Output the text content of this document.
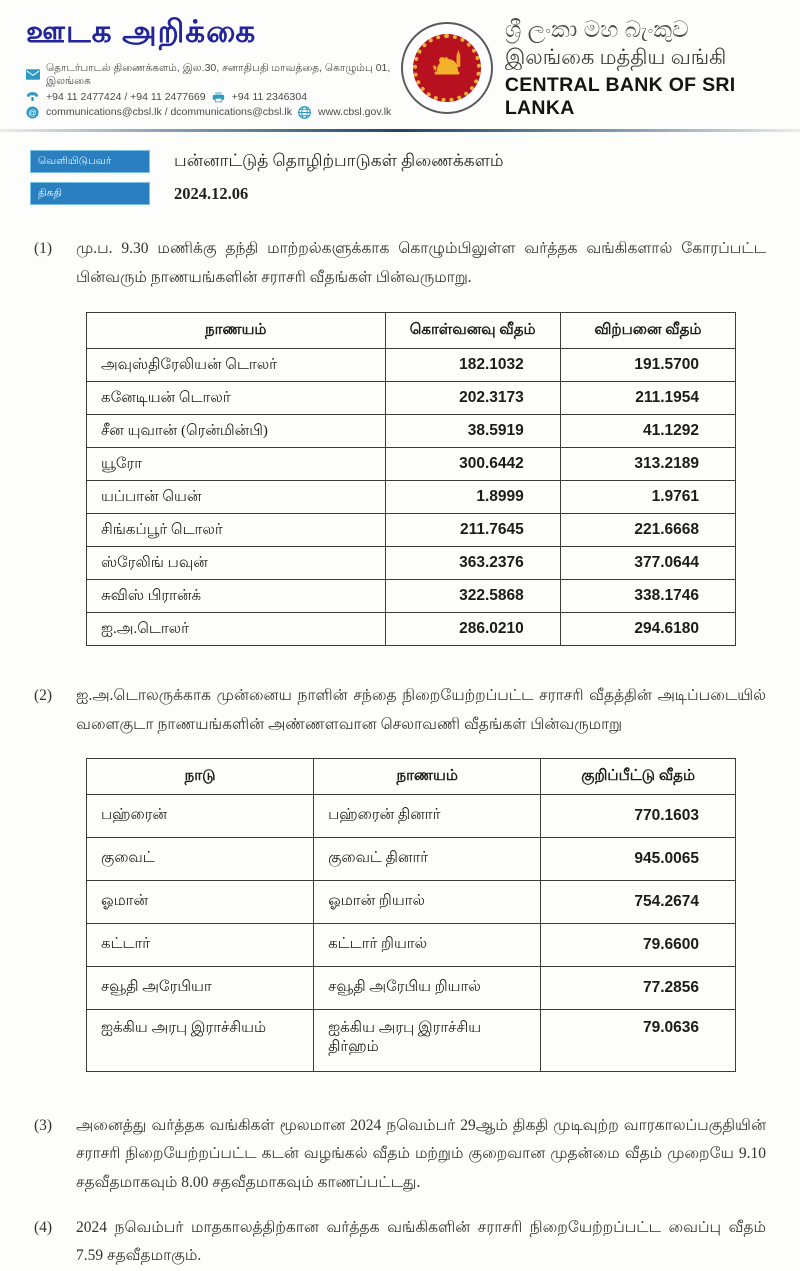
ஊடக அறிக்கை
தொடர்பாடல் திணைக்களம், இல.30, சனாதிபதி மாவத்தை, கொழும்பு 01, இலங்கை
+94 11 2477424 / +94 11 2477669 +94 11 2346304
@ communications@cbsl.lk / dcommunications@cbsl.lk www.cbsl.gov.lk
ශ්‍රී ලංකා මහ බැංකුව
இலங்கை மத்திய வங்கி
CENTRAL BANK OF SRI LANKA
வெளியிடுபவர்	பன்னாட்டுத் தொழிற்பாடுகள் திணைக்களம்
திகதி	2024.12.06
(1)	மு.ப. 9.30 மணிக்கு தந்தி மாற்றல்களுக்காக கொழும்பிலுள்ள வர்த்தக வங்கிகளால் கோரப்பட்ட பின்வரும் நாணயங்களின் சராசரி வீதங்கள் பின்வருமாறு.
நாணயம்	கொள்வனவு வீதம்	விற்பனை வீதம்
அவுஸ்திரேலியன் டொலர்	182.1032	191.5700
கனேடியன் டொலர்	202.3173	211.1954
சீன யுவான் (ரென்மின்பி)	38.5919	41.1292
யூரோ	300.6442	313.2189
யப்பான் யென்	1.8999	1.9761
சிங்கப்பூர் டொலர்	211.7645	221.6668
ஸ்ரேலிங் பவுன்	363.2376	377.0644
சுவிஸ் பிரான்க்	322.5868	338.1746
ஐ.அ.டொலர்	286.0210	294.6180
(2)	ஐ.அ.டொலருக்காக முன்னைய நாளின் சந்தை நிறையேற்றப்பட்ட சராசரி வீதத்தின் அடிப்படையில் வளைகுடா நாணயங்களின் அண்ணளவான செலாவணி வீதங்கள் பின்வருமாறு
நாடு	நாணயம்	குறிப்பீட்டு வீதம்
பஹ்ரைன்	பஹ்ரைன் தினார்	770.1603
குவைட்	குவைட் தினார்	945.0065
ஓமான்	ஓமான் றியால்	754.2674
கட்டார்	கட்டார் றியால்	79.6600
சவூதி அரேபியா	சவூதி அரேபிய றியால்	77.2856
ஐக்கிய அரபு இராச்சியம்	ஐக்கிய அரபு இராச்சிய திர்ஹம்	79.0636
(3)	அனைத்து வர்த்தக வங்கிகள் மூலமான 2024 நவெம்பர் 29ஆம் திகதி முடிவுற்ற வாரகாலப்பகுதியின் சராசரி நிறையேற்றப்பட்ட கடன் வழங்கல் வீதம் மற்றும் குறைவான முதன்மை வீதம் முறையே 9.10 சதவீதமாகவும் 8.00 சதவீதமாகவும் காணப்பட்டது.
(4)	2024 நவெம்பர் மாதகாலத்திற்கான வர்த்தக வங்கிகளின் சராசரி நிறையேற்றப்பட்ட வைப்பு வீதம் 7.59 சதவீதமாகும்.
